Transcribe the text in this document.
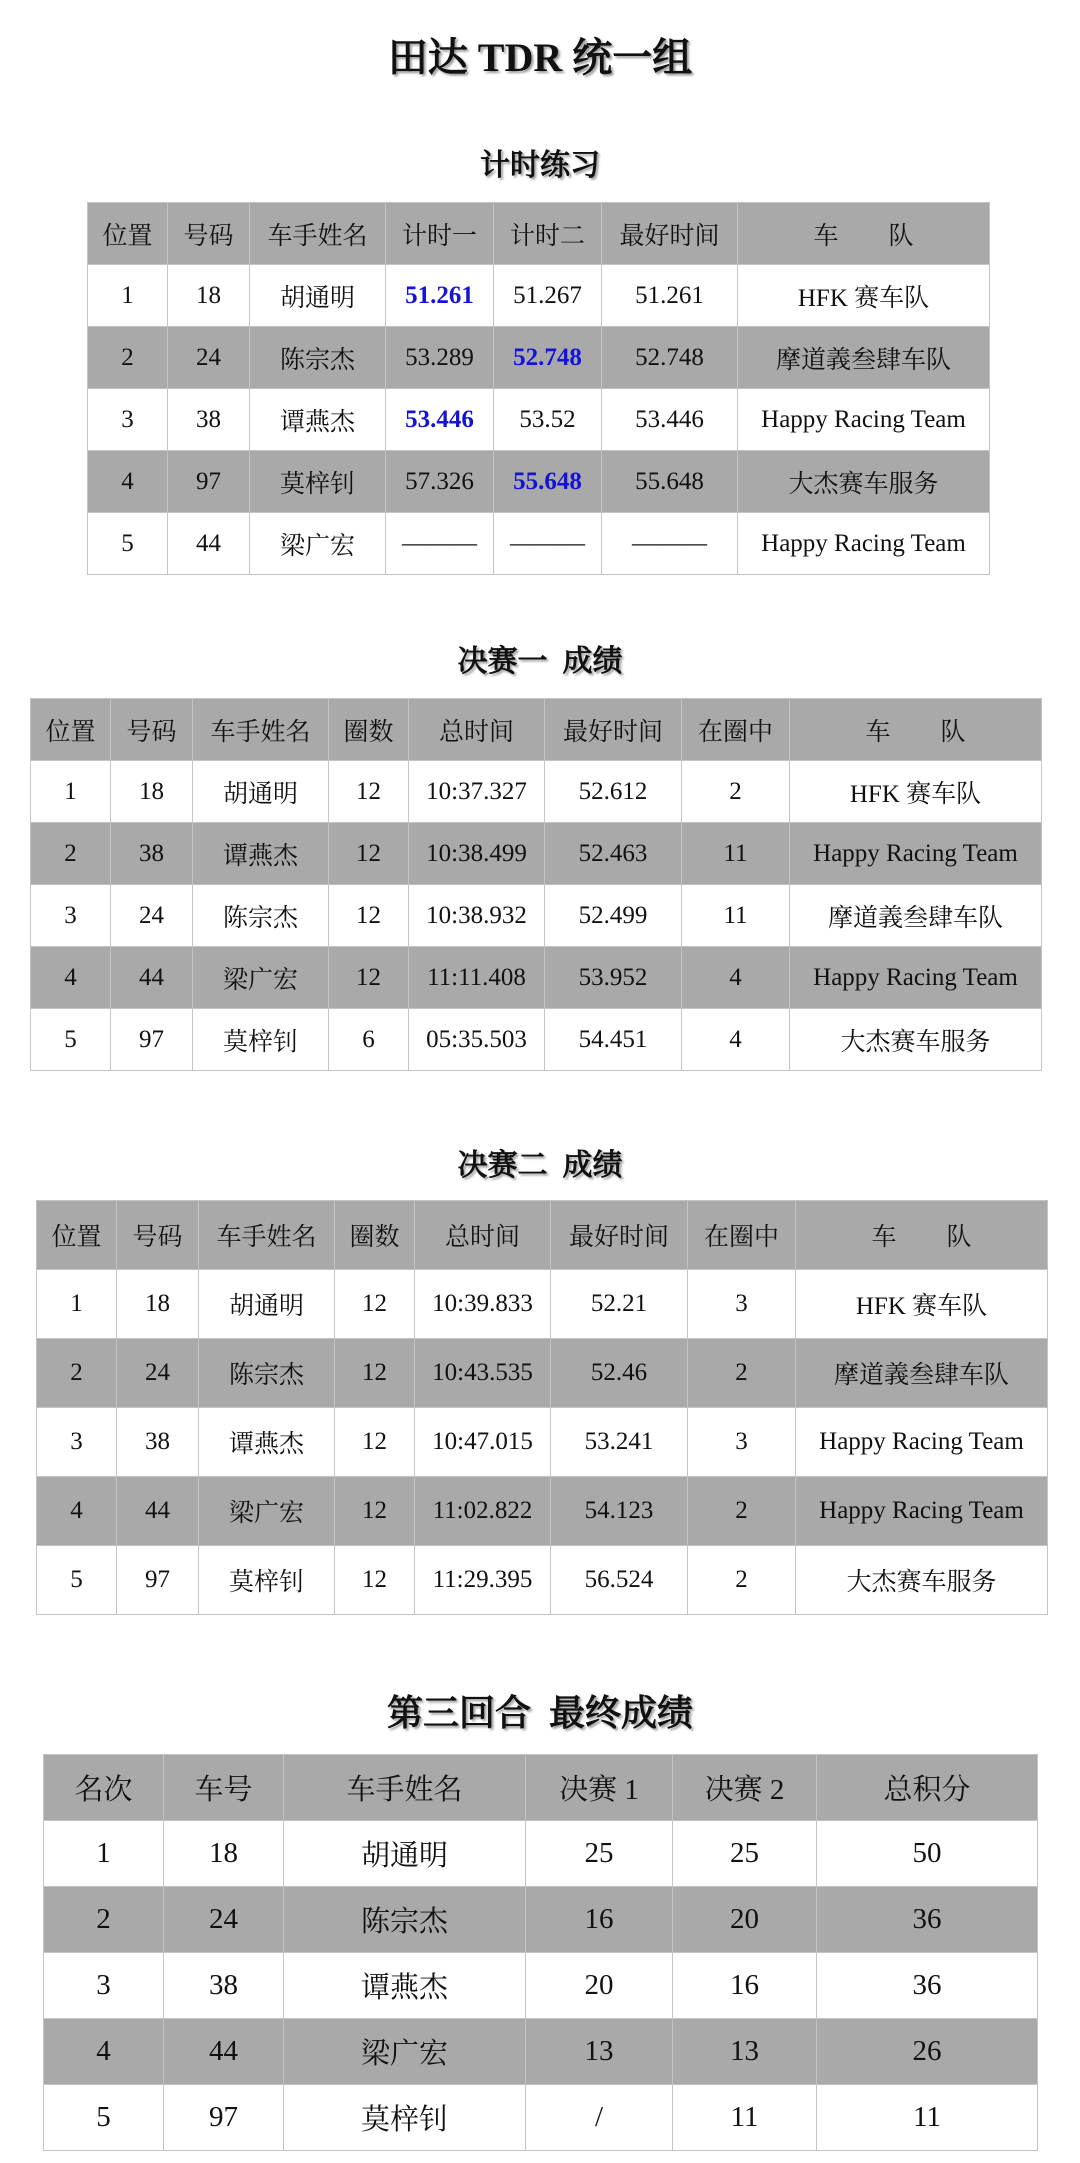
田达 TDR 统一组
计时练习
位置	号码	车手姓名	计时一	计时二	最好时间	车　　队
1	18	胡通明	51.261	51.267	51.261	HFK 赛车队
2	24	陈宗杰	53.289	52.748	52.748	摩道義叁肆车队
3	38	谭燕杰	53.446	53.52	53.446	Happy Racing Team
4	97	莫梓钊	57.326	55.648	55.648	大杰赛车服务
5	44	梁广宏	———	———	———	Happy Racing Team
决赛一  成绩
位置	号码	车手姓名	圈数	总时间	最好时间	在圈中	车　　队
1	18	胡通明	12	10:37.327	52.612	2	HFK 赛车队
2	38	谭燕杰	12	10:38.499	52.463	11	Happy Racing Team
3	24	陈宗杰	12	10:38.932	52.499	11	摩道義叁肆车队
4	44	梁广宏	12	11:11.408	53.952	4	Happy Racing Team
5	97	莫梓钊	6	05:35.503	54.451	4	大杰赛车服务
决赛二  成绩
位置	号码	车手姓名	圈数	总时间	最好时间	在圈中	车　　队
1	18	胡通明	12	10:39.833	52.21	3	HFK 赛车队
2	24	陈宗杰	12	10:43.535	52.46	2	摩道義叁肆车队
3	38	谭燕杰	12	10:47.015	53.241	3	Happy Racing Team
4	44	梁广宏	12	11:02.822	54.123	2	Happy Racing Team
5	97	莫梓钊	12	11:29.395	56.524	2	大杰赛车服务
第三回合  最终成绩
名次	车号	车手姓名	决赛 1	决赛 2	总积分
1	18	胡通明	25	25	50
2	24	陈宗杰	16	20	36
3	38	谭燕杰	20	16	36
4	44	梁广宏	13	13	26
5	97	莫梓钊	/	11	11
